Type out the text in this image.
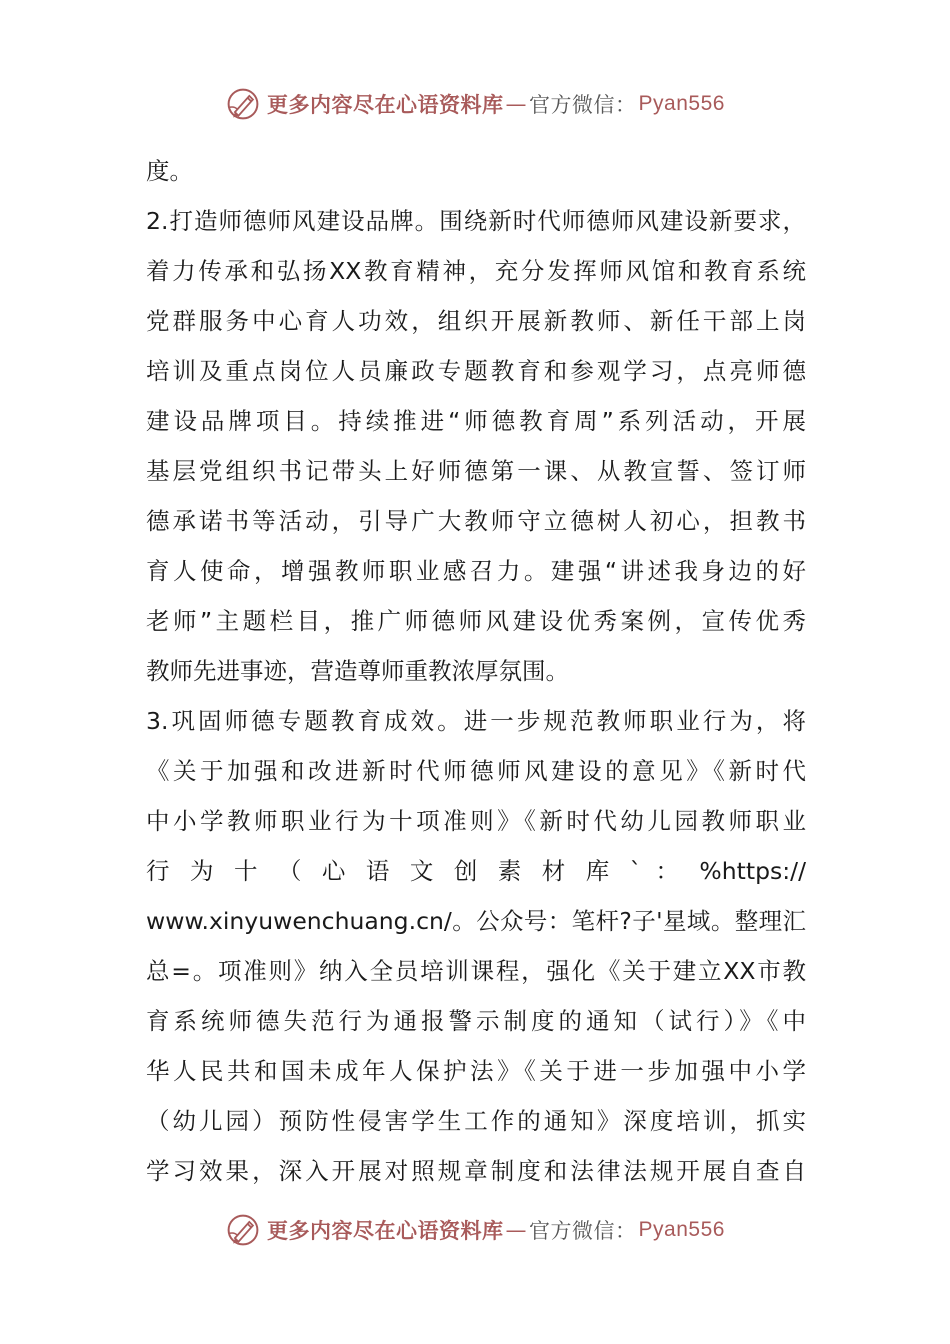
更多内容尽在心语资料库 — 官方微信： Pyan556
度。
2.打造师德师风建设品牌。围绕新时代师德师风建设新要求，
着力传承和弘扬XX教育精神，充分发挥师风馆和教育系统
党群服务中心育人功效，组织开展新教师、新任干部上岗
培训及重点岗位人员廉政专题教育和参观学习，点亮师德
建设品牌项目。持续推进“师德教育周”系列活动，开展
基层党组织书记带头上好师德第一课、从教宣誓、签订师
德承诺书等活动，引导广大教师守立德树人初心，担教书
育人使命，增强教师职业感召力。建强“讲述我身边的好
老师”主题栏目，推广师德师风建设优秀案例，宣传优秀
教师先进事迹，营造尊师重教浓厚氛围。
3.巩固师德专题教育成效。进一步规范教师职业行为，将
《关于加强和改进新时代师德师风建设的意见》《新时代
中小学教师职业行为十项准则》《新时代幼儿园教师职业
行 为 十 （ 心 语 文 创 素 材 库 ` ： %https://
www.xinyuwenchuang.cn/。公众号：笔杆?子'星域。整理汇
总=。项准则》纳入全员培训课程，强化《关于建立XX市教
育系统师德失范行为通报警示制度的通知（试行）》《中
华人民共和国未成年人保护法》《关于进一步加强中小学
（幼儿园）预防性侵害学生工作的通知》深度培训，抓实
学习效果，深入开展对照规章制度和法律法规开展自查自
更多内容尽在心语资料库 — 官方微信： Pyan556
